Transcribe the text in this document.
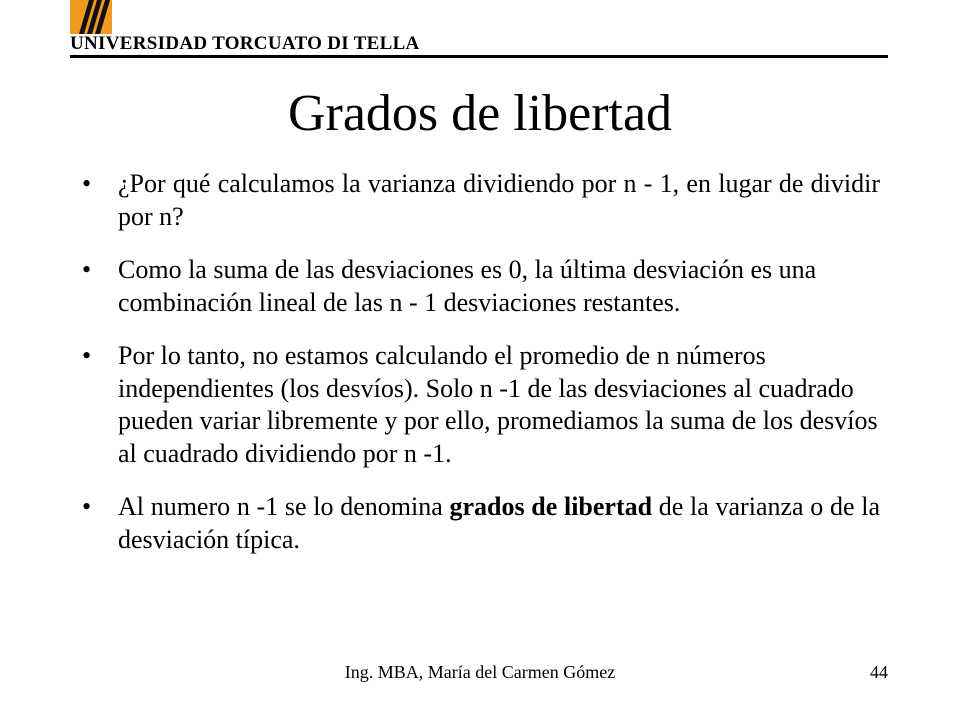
UNIVERSIDAD TORCUATO DI TELLA
Grados de libertad
• ¿Por qué calculamos la varianza dividiendo por n - 1, en lugar de dividir por n?
• Como la suma de las desviaciones es 0, la última desviación es una combinación lineal de las n - 1 desviaciones restantes.
• Por lo tanto, no estamos calculando el promedio de n números independientes (los desvíos). Solo n -1 de las desviaciones al cuadrado pueden variar libremente y por ello, promediamos la suma de los desvíos al cuadrado dividiendo por n -1.
• Al numero n -1 se lo denomina grados de libertad de la varianza o de la desviación típica.
Ing. MBA, María del Carmen Gómez	44
